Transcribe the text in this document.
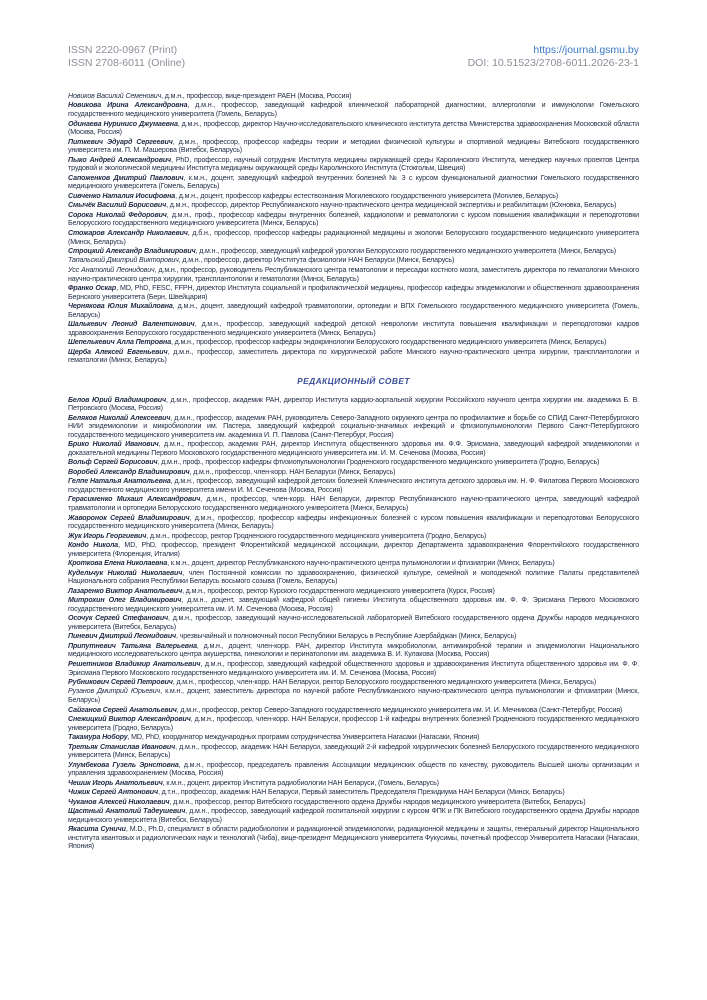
ISSN 2220-0967 (Print)
ISSN 2708-6011 (Online)
https://journal.gsmu.by
DOI: 10.51523/2708-6011.2026-23-1
Новиков Василий Семенович, д.м.н., профессор, вице-президент РАЕН (Москва, Россия)
Новикова Ирина Александровна, д.м.н., профессор, заведующий кафедрой клинической лабораторной диагностики, аллергологии и иммунологии Гомельского государственного медицинского университета (Гомель, Беларусь)
Одинаева Нуринисо Джумаевна, д.м.н., профессор, директор Научно-исследовательского клинического института детства Министерства здравоохранения Московской области (Москва, Россия)
Питкевич Эдуард Сергеевич, д.м.н., профессор, профессор кафедры теории и методики физической культуры и спортивной медицины Витебского государственного университета им. П. М. Машерова (Витебск, Беларусь)
Пыко Андрей Александрович, PhD, профессор, научный сотрудник Института медицины окружающей среды Каролинского Института, менеджер научных проектов Центра трудовой и экологической медицины Института медицины окружающей среды Каролинского Института (Стокгольм, Швеция)
Сапоженков Дмитрий Павлович, к.м.н., доцент, заведующий кафедрой внутренних болезней № 3 с курсом функциональной диагностики Гомельского государственного медицинского университета (Гомель, Беларусь)
Сивченко Наталия Иосифовна, д.м.н., доцент, профессор кафедры естествознания Могилевского государственного университета (Могилев, Беларусь)
Смычёк Василий Борисович, д.м.н., профессор, директор Республиканского научно-практического центра медицинской экспертизы и реабилитации (Юхновка, Беларусь)
Сорока Николай Федорович, д.м.н., проф., профессор кафедры внутренних болезней, кардиологии и ревматологии с курсом повышения квалификации и переподготовки Белорусского государственного медицинского университета (Минск, Беларусь)
Стожаров Александр Николаевич, д.б.н., профессор, профессор кафедры радиационной медицины и экологии Белорусского государственного медицинского университета (Минск, Беларусь)
Строцкий Александр Владимирович, д.м.н., профессор, заведующий кафедрой урологии Белорусского государственного медицинского университета (Минск, Беларусь)
Тапальский Дмитрий Викторович, д.м.н., профессор, директор Института физиологии НАН Беларуси (Минск, Беларусь)
Усс Анатолий Леонидович, д.м.н., профессор, руководитель Республиканского центра гематологии и пересадки костного мозга, заместитель директора по гематологии Минского научно-практического центра хирургии, трансплантологии и гематологии (Минск, Беларусь)
Франко Оскар, MD, PhD, FESC, FFPH, директор Института социальной и профилактической медицины, профессор кафедры эпидемиологии и общественного здравоохранения Бернского университета (Берн, Швейцария)
Чернякова Юлия Михайловна, д.м.н., доцент, заведующий кафедрой травматологии, ортопедии и ВПХ Гомельского государственного медицинского университета (Гомель, Беларусь)
Шалькевич Леонид Валентинович, д.м.н., профессор, заведующий кафедрой детской неврологии института повышения квалификации и переподготовки кадров здравоохранения Белорусского государственного медицинского университета (Минск, Беларусь)
Шепелькевич Алла Петровна, д.м.н., профессор, профессор кафедры эндокринологии Белорусского государственного медицинского университета (Минск, Беларусь)
Щерба Алексей Евгеньевич, д.м.н., профессор, заместитель директора по хирургической работе Минского научно-практического центра хирургии, трансплантологии и гематологии (Минск, Беларусь)
РЕДАКЦИОННЫЙ СОВЕТ
Белов Юрий Владимирович, д.м.н., профессор, академик РАН, директор Института кардио-аортальной хирургии Российского научного центра хирургии им. академика Б. В. Петровского (Москва, Россия)
Беляков Николай Алексеевич, д.м.н., профессор, академик РАН, руководитель Северо-Западного окружного центра по профилактике и борьбе со СПИД Санкт-Петербургского НИИ эпидемиологии и микробиологии им. Пастера, заведующий кафедрой социально-значимых инфекций и фтизиопульмонологии Первого Санкт-Петербургского государственного медицинского университета им. академика И. П. Павлова (Санкт-Петербург, Россия)
Брико Николай Иванович, д.м.н., профессор, академик РАН, директор Института общественного здоровья им. Ф.Ф. Эрисмана, заведующий кафедрой эпидемиологии и доказательной медицины Первого Московского государственного медицинского университета им. И. М. Сеченова (Москва, Россия)
Вольф Сергей Борисович, д.м.н., проф., профессор кафедры фтизиопульмонологии Гродненского государственного медицинского университета (Гродно, Беларусь)
Воробей Александр Владимирович, д.м.н., профессор, член-корр. НАН Беларуси (Минск, Беларусь)
Гелпе Наталья Анатольевна, д.м.н., профессор, заведующий кафедрой детских болезней Клинического института детского здоровья им. Н. Ф. Филатова Первого Московского государственного медицинского университета имени И. М. Сеченова (Москва, Россия)
Герасименко Михаил Александрович, д.м.н., профессор, член-корр. НАН Беларуси, директор Республиканского научно-практического центра, заведующий кафедрой травматологии и ортопедии Белорусского государственного медицинского университета (Минск, Беларусь)
Жаворонок Сергей Владимирович, д.м.н., профессор, профессор кафедры инфекционных болезней с курсом повышения квалификации и переподготовки Белорусского государственного медицинского университета (Минск, Беларусь)
Жук Игорь Георгиевич, д.м.н., профессор, ректор Гродненского государственного медицинского университета (Гродно, Беларусь)
Кондо Никола, MD, PhD, профессор, президент Флорентийской медицинской ассоциации, директор Департамента здравоохранения Флорентийского государственного университета (Флоренция, Италия)
Кроткова Елена Николаевна, к.м.н., доцент, директор Республиканского научно-практического центра пульмонологии и фтизиатрии (Минск, Беларусь)
Кудельчук Николай Николаевич, член Постоянной комиссии по здравоохранению, физической культуре, семейной и молодежной политике Палаты представителей Национального собрания Республики Беларусь восьмого созыва (Гомель, Беларусь)
Лазаренко Виктор Анатольевич, д.м.н., профессор, ректор Курского государственного медицинского университета (Курск, Россия)
Митрохин Олег Владимирович, д.м.н., доцент, заведующий кафедрой общей гигиены Института общественного здоровья им. Ф. Ф. Эрисмана Первого Московского государственного медицинского университета им. И. М. Сеченова (Москва, Россия)
Осочук Сергей Стефанович, д.м.н., профессор, заведующий научно-исследовательской лабораторией Витебского государственного ордена Дружбы народов медицинского университета (Витебск, Беларусь)
Пиневич Дмитрий Леонидович, чрезвычайный и полномочный посол Республики Беларусь в Республике Азербайджан (Минск, Беларусь)
Припутневич Татьяна Валерьевна, д.м.н., доцент, член-корр. РАН, директор Института микробиологии, антимикробной терапии и эпидемиологии Национального медицинского исследовательского центра акушерства, гинекологии и перинатологии им. академика В. И. Кулакова (Москва, Россия)
Решетников Владимир Анатольевич, д.м.н., профессор, заведующий кафедрой общественного здоровья и здравоохранения Института общественного здоровья им. Ф. Ф. Эрисмана Первого Московского государственного медицинского университета им. И. М. Сеченова (Москва, Россия)
Рубникович Сергей Петрович, д.м.н., профессор, член-корр. НАН Беларуси, ректор Белорусского государственного медицинского университета (Минск, Беларусь)
Рузанов Дмитрий Юрьевич, к.м.н., доцент, заместитель директора по научной работе Республиканского научно-практического центра пульмонологии и фтизиатрии (Минск, Беларусь)
Сайганов Сергей Анатольевич, д.м.н., профессор, ректор Северо-Западного государственного медицинского университета им. И. И. Мечникова (Санкт-Петербург, Россия)
Снежицкий Виктор Александрович, д.м.н., профессор, член-корр. НАН Беларуси, профессор 1-й кафедры внутренних болезней Гродненского государственного медицинского университета (Гродно, Беларусь)
Такамура Нобору, MD, PhD, координатор международных программ сотрудничества Университета Нагасаки (Нагасаки, Япония)
Третьяк Станислав Иванович, д.м.н., профессор, академик НАН Беларуси, заведующий 2-й кафедрой хирургических болезней Белорусского государственного медицинского университета (Минск, Беларусь)
Улумбекова Гузель Эрнстовна, д.м.н., профессор, председатель правления Ассоциации медицинских обществ по качеству, руководитель Высшей школы организации и управления здравоохранением (Москва, Россия)
Чешик Игорь Анатольевич, к.м.н., доцент, директор Института радиобиологии НАН Беларуси, (Гомель, Беларусь)
Чижик Сергей Антонович, д.т.н., профессор, академик НАН Беларуси, Первый заместитель Председателя Президиума НАН Беларуси (Минск, Беларусь)
Чуканов Алексей Николаевич, д.м.н., профессор, ректор Витебского государственного ордена Дружбы народов медицинского университета (Витебск, Беларусь)
Щастный Анатолий Тадеушевич, д.м.н., профессор, заведующий кафедрой госпитальной хирургии с курсом ФПК и ПК Витебского государственного ордена Дружбы народов медицинского университета (Витебск, Беларусь)
Якасита Суничи, M.D., Ph.D, специалист в области радиобиологии и радиационной эпидемиологии, радиационной медицины и защиты, генеральный директор Национального института квантовых и радиологических наук и технологий (Чиба), вице-президент Медицинского университета Фукусимы, почетный профессор Университета Нагасаки (Нагасаки, Япония)
